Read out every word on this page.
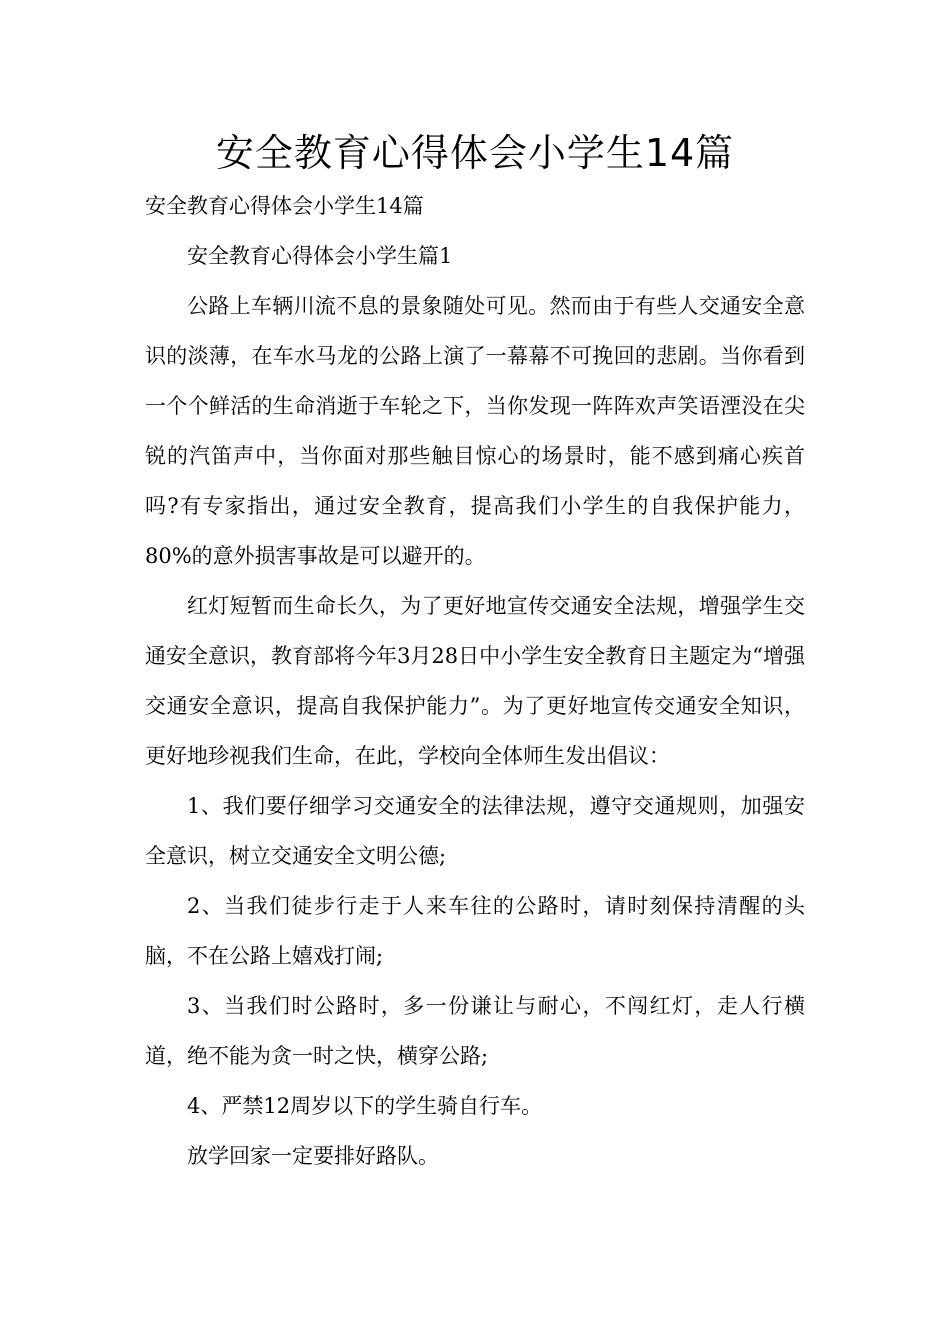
安全教育心得体会小学生14篇

安全教育心得体会小学生14篇

安全教育心得体会小学生篇1

公路上车辆川流不息的景象随处可见。然而由于有些人交通安全意识的淡薄，在车水马龙的公路上演了一幕幕不可挽回的悲剧。当你看到一个个鲜活的生命消逝于车轮之下，当你发现一阵阵欢声笑语湮没在尖锐的汽笛声中，当你面对那些触目惊心的场景时，能不感到痛心疾首吗?有专家指出，通过安全教育，提高我们小学生的自我保护能力，80%的意外损害事故是可以避开的。

红灯短暂而生命长久，为了更好地宣传交通安全法规，增强学生交通安全意识，教育部将今年3月28日中小学生安全教育日主题定为“增强交通安全意识，提高自我保护能力”。为了更好地宣传交通安全知识，更好地珍视我们生命，在此，学校向全体师生发出倡议：

1、我们要仔细学习交通安全的法律法规，遵守交通规则，加强安全意识，树立交通安全文明公德;

2、当我们徒步行走于人来车往的公路时，请时刻保持清醒的头脑，不在公路上嬉戏打闹;

3、当我们时公路时，多一份谦让与耐心，不闯红灯，走人行横道，绝不能为贪一时之快，横穿公路;

4、严禁12周岁以下的学生骑自行车。

放学回家一定要排好路队。
